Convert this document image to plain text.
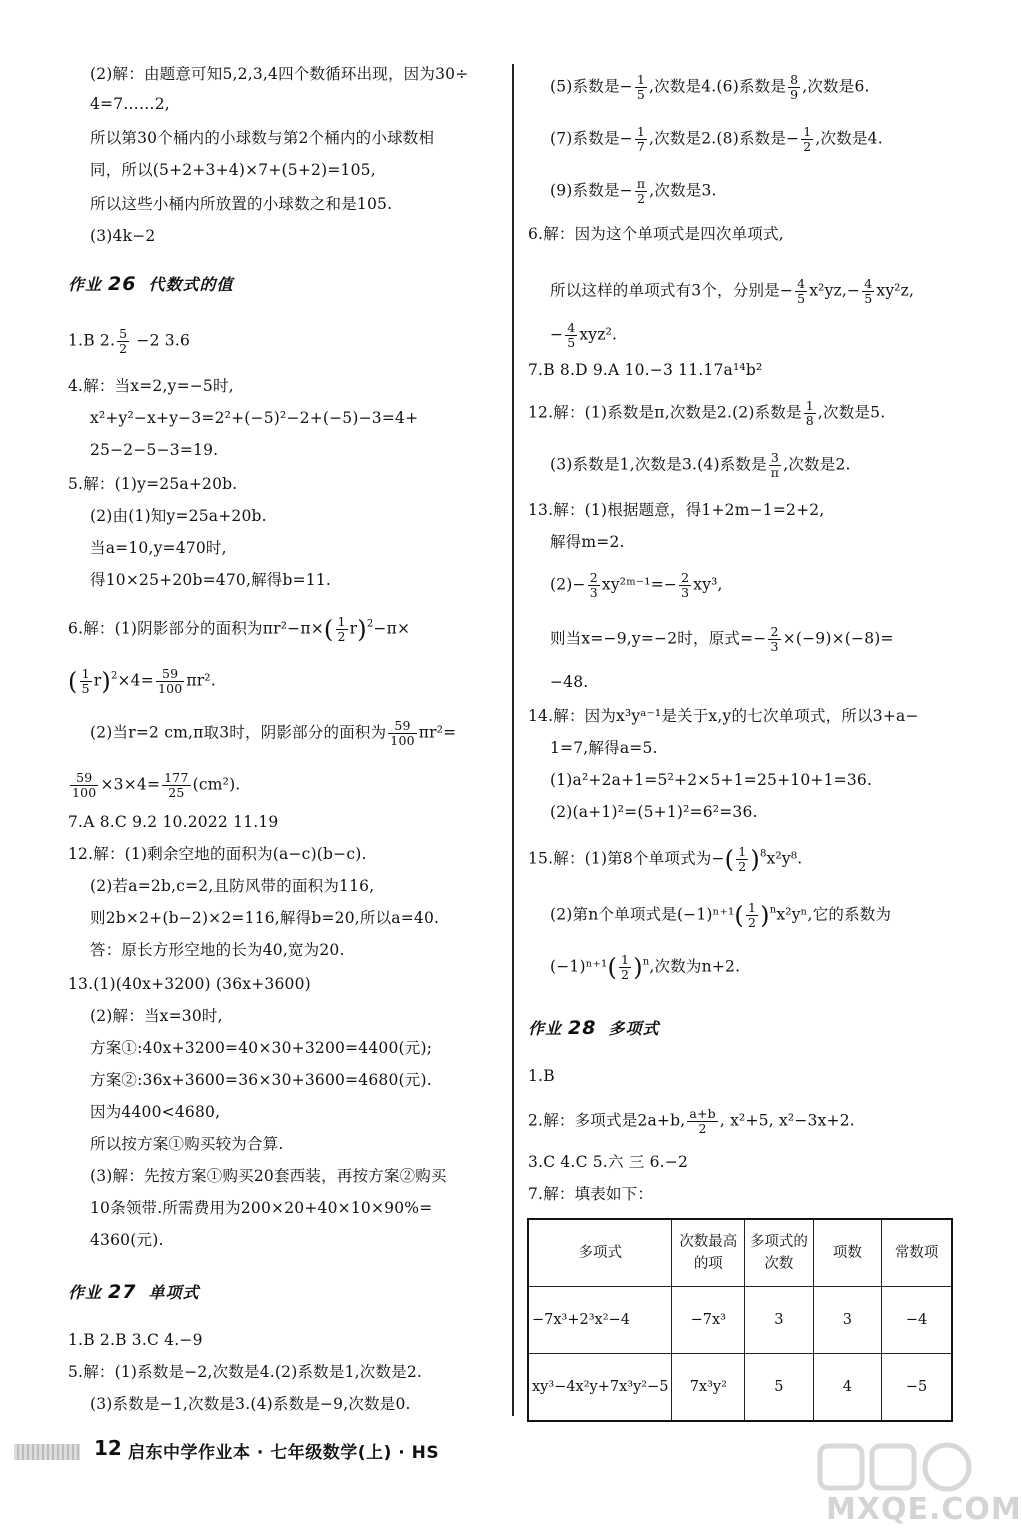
(2)解：由题意可知5,2,3,4四个数循环出现，因为30÷
4=7……2,
所以第30个桶内的小球数与第2个桶内的小球数相
同，所以(5+2+3+4)×7+(5+2)=105,
所以这些小桶内所放置的小球数之和是105.
(3)4k−2
作业 26 代数式的值
1.B 2. $\frac{5}{2} -2$ 3.6
4.解：当x=2,y=−5时,
x²+y²−x+y−3=2²+(−5)²−2+(−5)−3=4+
25−2−5−3=19.
5.解：(1)y=25a+20b.
(2)由(1)知y=25a+20b.
当a=10,y=470时,
得10×25+20b=470,解得b=11.
6.解：(1)阴影部分的面积为$\pi r^2-\pi\times( \frac{1}{2} r)^2-\pi\times$
( $\frac{1}{5} r)^2\times 4= \frac{59}{100} \pi r^2$.
(2)当r=2 cm,π取3时，阴影部分的面积为 $\frac{59}{100} \pi r^2=$
$\frac{59}{100} \times 3\times 4= \frac{177}{25} (cm^2)$.
7.A 8.C 9.2 10.2022 11.19
12.解：(1)剩余空地的面积为(a−c)(b−c).
(2)若a=2b,c=2,且防风带的面积为116,
则2b×2+(b−2)×2=116,解得b=20,所以a=40.
答：原长方形空地的长为40,宽为20.
13.(1)(40x+3200) (36x+3600)
(2)解：当x=30时,
方案①:40x+3200=40×30+3200=4400(元);
方案②:36x+3600=36×30+3600=4680(元).
因为4400<4680,
所以按方案①购买较为合算.
(3)解：先按方案①购买20套西装，再按方案②购买
10条领带.所需费用为200×20+40×10×90%=
4360(元).
作业 27 单项式
1.B 2.B 3.C 4.−9
5.解：(1)系数是−2,次数是4.(2)系数是1,次数是2.
(3)系数是−1,次数是3.(4)系数是−9,次数是0.
(5)系数是− $\frac{1}{5}$ ,次数是4.(6)系数是 $\frac{8}{9}$ ,次数是6.
(7)系数是− $\frac{1}{7}$ ,次数是2.(8)系数是− $\frac{1}{2}$ ,次数是4.
(9)系数是− $\frac{\pi}{2}$ ,次数是3.
6.解：因为这个单项式是四次单项式,
所以这样的单项式有3个，分别是− $\frac{4}{5} x^2yz,- \frac{4}{5} xy^2z$,
− $\frac{4}{5} xyz^2$.
7.B 8.D 9.A 10.−3 11.17a¹⁴b²
12.解：(1)系数是π,次数是2.(2)系数是 $\frac{1}{8}$ ,次数是5.
(3)系数是1,次数是3.(4)系数是 $\frac{3}{\pi}$ ,次数是2.
13.解：(1)根据题意，得1+2m−1=2+2,
解得m=2.
$(2)- \frac{2}{3}$ xy²ᵐ⁻¹=− $\frac{2}{3} xy^3$,
则当x=−9,y=−2时，原式=− $\frac{2}{3} \times(-9)\times(-8)=$
−48.
14.解：因为x³yᵃ⁻¹是关于x,y的七次单项式，所以3+a−
1=7,解得a=5.
(1)a²+2a+1=5²+2×5+1=25+10+1=36.
(2)(a+1)²=(5+1)²=6²=36.
15.解：(1)第8个单项式为−( $\frac{1}{2} )^8x^2y^8$.
(2)第n个单项式是$(-1)^{n+1}( \frac{1}{2} )^nx^2y^n$,它的系数为
$(-1)^{n+1}( \frac{1}{2} )^n$,次数为n+2.
作业 28 多项式
1.B
2.解：多项式是2a+b, $\frac{a+b}{2}$ , x²+5, x²−3x+2.
3.C 4.C 5.六 三 6.−2
7.解：填表如下：
多项式	次数最高的项	多项式的次数	项数	常数项
−7x³+2³x²−4	−7x³	3	3	−4
xy³−4x²y+7x³y²−5	7x³y²	5	4	−5
12 启东中学作业本 · 七年级数学(上) · HS
MXQE.COM
